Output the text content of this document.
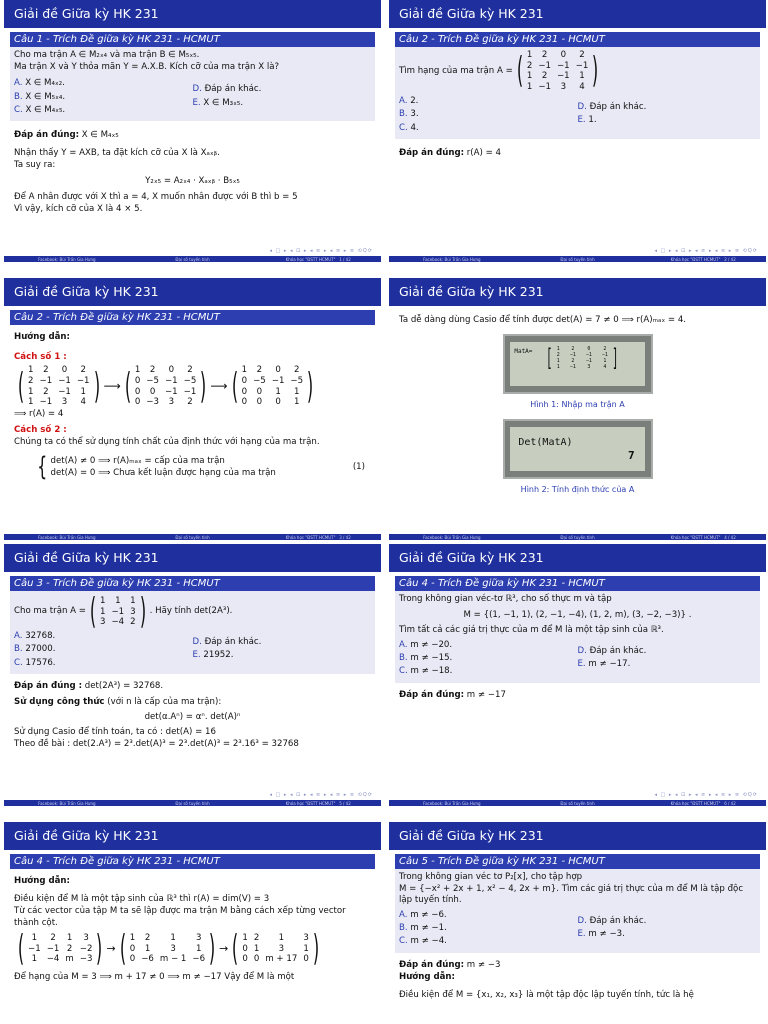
Giải đề Giữa kỳ HK 231
Câu 1 - Trích Đề giữa kỳ HK 231 - HCMUT
Cho ma trận A ∈ M₂ₓ₄ và ma trận B ∈ M₅ₓ₅.
Ma trận X và Y thỏa mãn Y = A.X.B. Kích cỡ của ma trận X là?
A. X ∈ M₄ₓ₂.
B. X ∈ M₅ₓ₄.
C. X ∈ M₄ₓ₅.
D. Đáp án khác.
E. X ∈ M₃ₓ₅.
Đáp án đúng: X ∈ M₄ₓ₅
Nhận thấy Y = AXB, ta đặt kích cỡ của X là Xₐₓᵦ.
Ta suy ra:
Y₂ₓ₅ = A₂ₓ₄ · Xₐₓᵦ · B₅ₓ₅
Để A nhân được với X thì a = 4, X muốn nhân được với B thì b = 5
Vì vậy, kích cỡ của X là 4 × 5.
◂ □ ▸ ◂ ⊡ ▸ ◂ ≡ ▸ ◂ ≡ ▸ ≡ ⟲Q⟳
Facebook: Bùi Trần Gia Hưng	Đại số tuyến tính	Khóa học "ĐSTT HCMUT" 1 / 42
Giải đề Giữa kỳ HK 231
Câu 2 - Trích Đề giữa kỳ HK 231 - HCMUT
Tìm hạng của ma trận A = ( 1	2	0	2
2 −1 −1 −1
1	2	−1	1
1 −1	3	4 )
A. 2.
B. 3.
C. 4.
D. Đáp án khác.
E. 1.
Đáp án đúng: r(A) = 4
◂ □ ▸ ◂ ⊡ ▸ ◂ ≡ ▸ ◂ ≡ ▸ ≡ ⟲Q⟳
Facebook: Bùi Trần Gia Hưng	Đại số tuyến tính	Khóa học "ĐSTT HCMUT" 2 / 42
Giải đề Giữa kỳ HK 231
Câu 2 - Trích Đề giữa kỳ HK 231 - HCMUT
Hướng dẫn:
Cách số 1 :
( 1	2	0	2
2 −1 −1 −1
1	2	−1	1
1 −1	3	4 ) ⟶ ( 1	2	0	2
0 −5 −1 −5
0	0	−1 −1
0 −3	3	2 ) ⟶ ( 1	2	0	2
0 −5 −1 −5
0	0	1	1
0	0	0	1 )
⟹ r(A) = 4
Cách số 2 :
Chúng ta có thể sử dụng tính chất của định thức với hạng của ma trận.
{ det(A) ≠ 0 ⟹ r(A)ₘₐₓ = cấp của ma trận
det(A) = 0 ⟹ Chưa kết luận được hạng của ma trận
(1)
Facebook: Bùi Trần Gia Hưng	Đại số tuyến tính	Khóa học "ĐSTT HCMUT" 3 / 42
Giải đề Giữa kỳ HK 231
Ta dễ dàng dùng Casio để tính được det(A) = 7 ≠ 0 ⟹ r(A)ₘₐₓ = 4.
MatA= [ 1	2	0	2
2 −1 −1 −1
1	2	−1	1
1 −1	3	4 ]
Hình 1: Nhập ma trận A
Det(MatA)
7
Hình 2: Tính định thức của A
Facebook: Bùi Trần Gia Hưng	Đại số tuyến tính	Khóa học "ĐSTT HCMUT" 4 / 42
Giải đề Giữa kỳ HK 231
Câu 3 - Trích Đề giữa kỳ HK 231 - HCMUT
Cho ma trận A = ( 1	1	1
1 −1 3
3 −4 2 ) . Hãy tính det(2A³).
A. 32768.
B. 27000.
C. 17576.
D. Đáp án khác.
E. 21952.
Đáp án đúng : det(2A³) = 32768.
Sử dụng công thức (với n là cấp của ma trận):
det(α.Aⁿ) = αⁿ. det(A)ⁿ
Sử dụng Casio để tính toán, ta có : det(A) = 16
Theo đề bài : det(2.A³) = 2³.det(A)³ = 2³.det(A)³ = 2³.16³ = 32768
◂ □ ▸ ◂ ⊡ ▸ ◂ ≡ ▸ ◂ ≡ ▸ ≡ ⟲Q⟳
Facebook: Bùi Trần Gia Hưng	Đại số tuyến tính	Khóa học "ĐSTT HCMUT" 5 / 42
Giải đề Giữa kỳ HK 231
Câu 4 - Trích Đề giữa kỳ HK 231 - HCMUT
Trong không gian véc-tơ ℝ³, cho số thực m và tập
M = {(1, −1, 1), (2, −1, −4), (1, 2, m), (3, −2, −3)} .
Tìm tất cả các giá trị thực của m để M là một tập sinh của ℝ³.
A. m ≠ −20.
B. m ≠ −15.
C. m ≠ −18.
D. Đáp án khác.
E. m ≠ −17.
Đáp án đúng: m ≠ −17
◂ □ ▸ ◂ ⊡ ▸ ◂ ≡ ▸ ◂ ≡ ▸ ≡ ⟲Q⟳
Facebook: Bùi Trần Gia Hưng	Đại số tuyến tính	Khóa học "ĐSTT HCMUT" 6 / 42
Giải đề Giữa kỳ HK 231
Câu 4 - Trích Đề giữa kỳ HK 231 - HCMUT
Hướng dẫn:
Điều kiện để M là một tập sinh của ℝ³ thì r(A) = dim(V) = 3
Từ các vector của tập M ta sẽ lập được ma trận M bằng cách xếp từng vector thành cột.
( 1	2	1	3
−1 −1 2 −2
1	−4 m −3 ) → ( 1	2	1	3
0	1	3	1
0 −6 m − 1 −6 ) → ( 1 2	1	3
0 1	3	1
0 0 m + 17 0 )
Để hạng của M = 3 ⟹ m + 17 ≠ 0 ⟹ m ≠ −17 Vậy để M là một
Giải đề Giữa kỳ HK 231
Câu 5 - Trích Đề giữa kỳ HK 231 - HCMUT
Trong không gian véc tơ P₂[x], cho tập hợp
M = {−x² + 2x + 1, x² − 4, 2x + m}. Tìm các giá trị thực của m để M là tập độc lập tuyến tính.
A. m ≠ −6.
B. m ≠ −1.
C. m ≠ −4.
D. Đáp án khác.
E. m ≠ −3.
Đáp án đúng: m ≠ −3
Hướng dẫn:
Điều kiện để M = {x₁, x₂, x₃} là một tập độc lập tuyến tính, tức là hệ
